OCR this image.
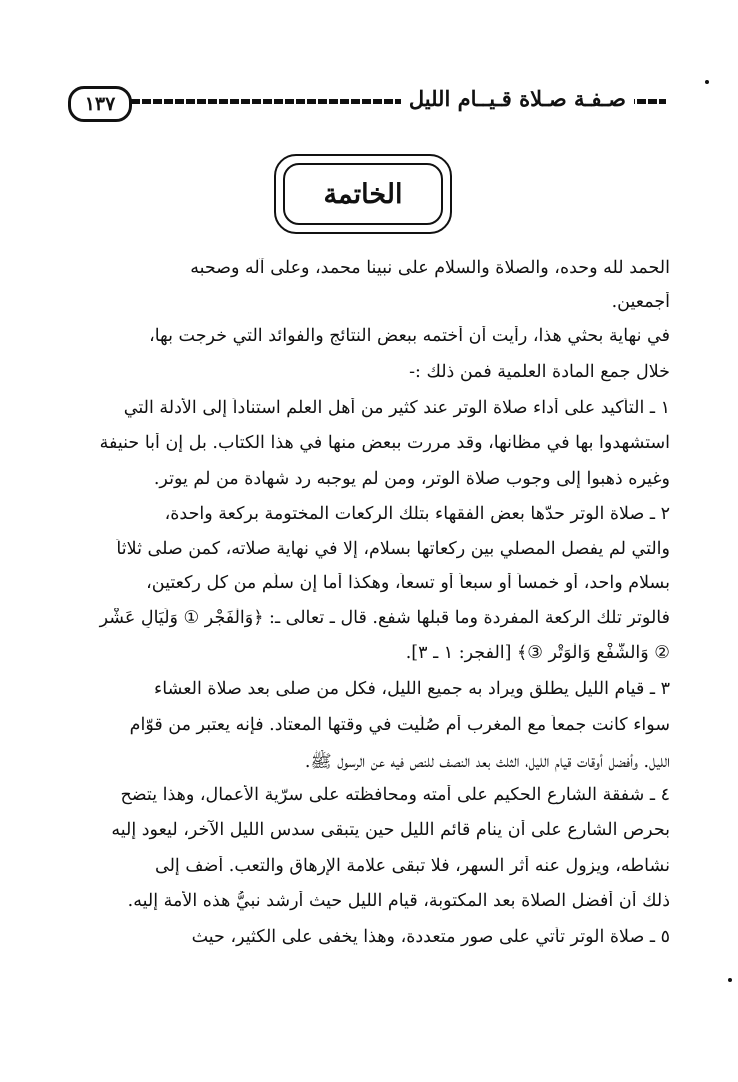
صـفـة صـلاة قـيــام الليل
١٣٧
الخاتمة
الحمد لله وحده، والصلاة والسلام على نبينا محمد، وعلى آله وصحبه
أجمعين.
في نهاية بحثي هذا، رأيت أن أختمه ببعض النتائج والفوائد التي خرجت بها،
خلال جمع المادة العلمية فمن ذلك :-
١ ـ التأكيد على أداء صلاة الوتر عند كثير من أهل العلم استناداً إلى الأدلة التي
استشهدوا بها في مظانها، وقد مررت ببعض منها في هذا الكتاب. بل إن أبا حنيفة
وغيره ذهبوا إلى وجوب صلاة الوتر، ومن لم يوجبه رد شهادة من لم يوتر.
٢ ـ صلاة الوتر حدّها بعض الفقهاء بتلك الركعات المختومة بركعة واحدة،
والتي لم يفصل المصلي بين ركعاتها بسلام، إلا في نهاية صلاته، كمن صلى ثلاثاً
بسلام واحد، أو خمساً أو سبعاً أو تسعاً، وهكذا أما إن سلّم من كل ركعتين،
فالوتر تلك الركعة المفردة وما قبلها شفع. قال ـ تعالى ـ: ﴿وَالْفَجْرِ ① وَلَيَالٍ عَشْرٍ
② وَالشَّفْعِ وَالْوَتْرِ ③﴾ [الفجر: ١ ـ ٣].
٣ ـ قيام الليل يطلق ويراد به جميع الليل، فكل من صلى بعد صلاة العشاء
سواء كانت جمعاً مع المغرب أم صُلّيت في وقتها المعتاد. فإنه يعتبر من قوّام
الليل. وأفضل أوقات قيام الليل، الثلث بعد النصف للنص فيه عن الرسول ﷺ.
٤ ـ شفقة الشارع الحكيم على أمته ومحافظته على سرّية الأعمال، وهذا يتضح
بحرص الشارع على أن ينام قائم الليل حين يتبقى سدس الليل الآخر، ليعود إليه
نشاطه، ويزول عنه أثر السهر، فلا تبقى علامة الإرهاق والتعب. أضف إلى
ذلك أن أفضل الصلاة بعد المكتوبة، قيام الليل حيث أرشد نبيُّ هذه الأمة إليه.
٥ ـ صلاة الوتر تأتي على صور متعددة، وهذا يخفى على الكثير، حيث
